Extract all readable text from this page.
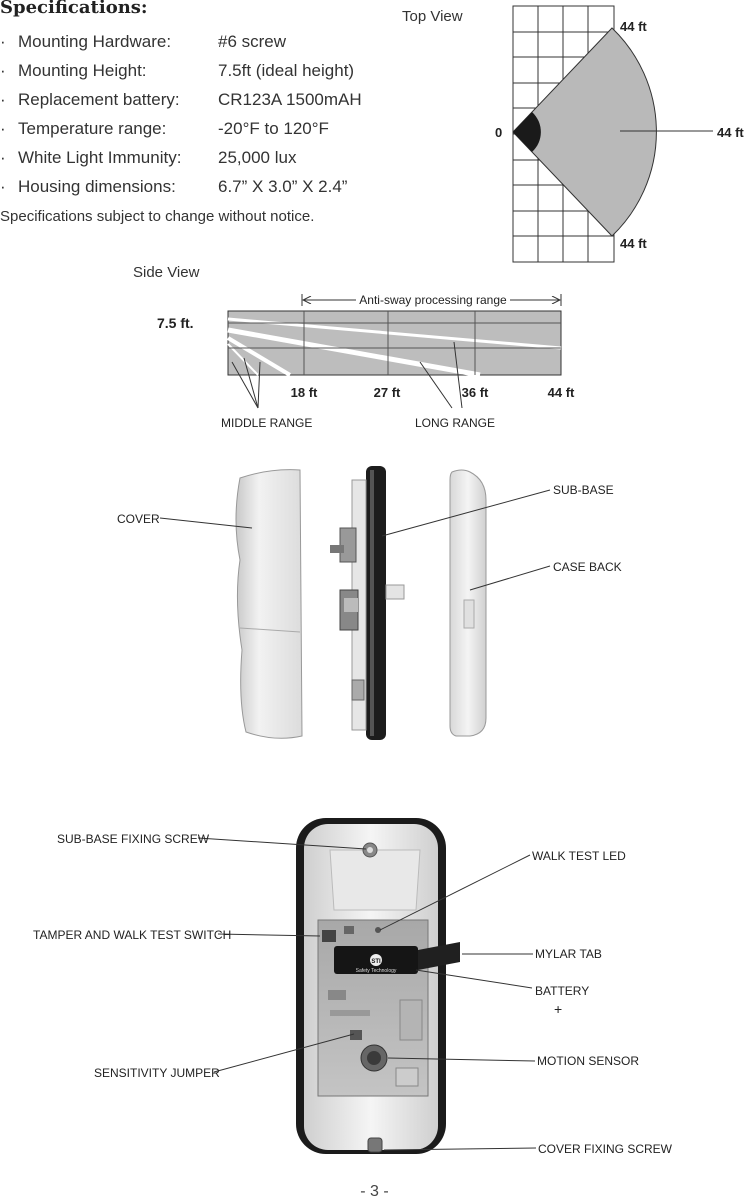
Specifications:
· Mounting Hardware:	#6 screw
· Mounting Height:	7.5ft (ideal height)
· Replacement battery: CR123A 1500mAH
· Temperature range:	-20°F to 120°F
· White Light Immunity: 25,000 lux
· Housing dimensions: 6.7” X 3.0” X 2.4”
Specifications subject to change without notice.
Top View
0
44 ft
44 ft
44 ft
Side View
Anti-sway processing range
7.5 ft.
18 ft	27 ft	36 ft	44 ft
MIDDLE RANGE	LONG RANGE
COVER
SUB-BASE
CASE BACK
STI
Safety Technology
SUB-BASE FIXING SCREW
TAMPER AND WALK TEST SWITCH
SENSITIVITY JUMPER
WALK TEST LED
MYLAR TAB
BATTERY
+
MOTION SENSOR
COVER FIXING SCREW
- 3 -
